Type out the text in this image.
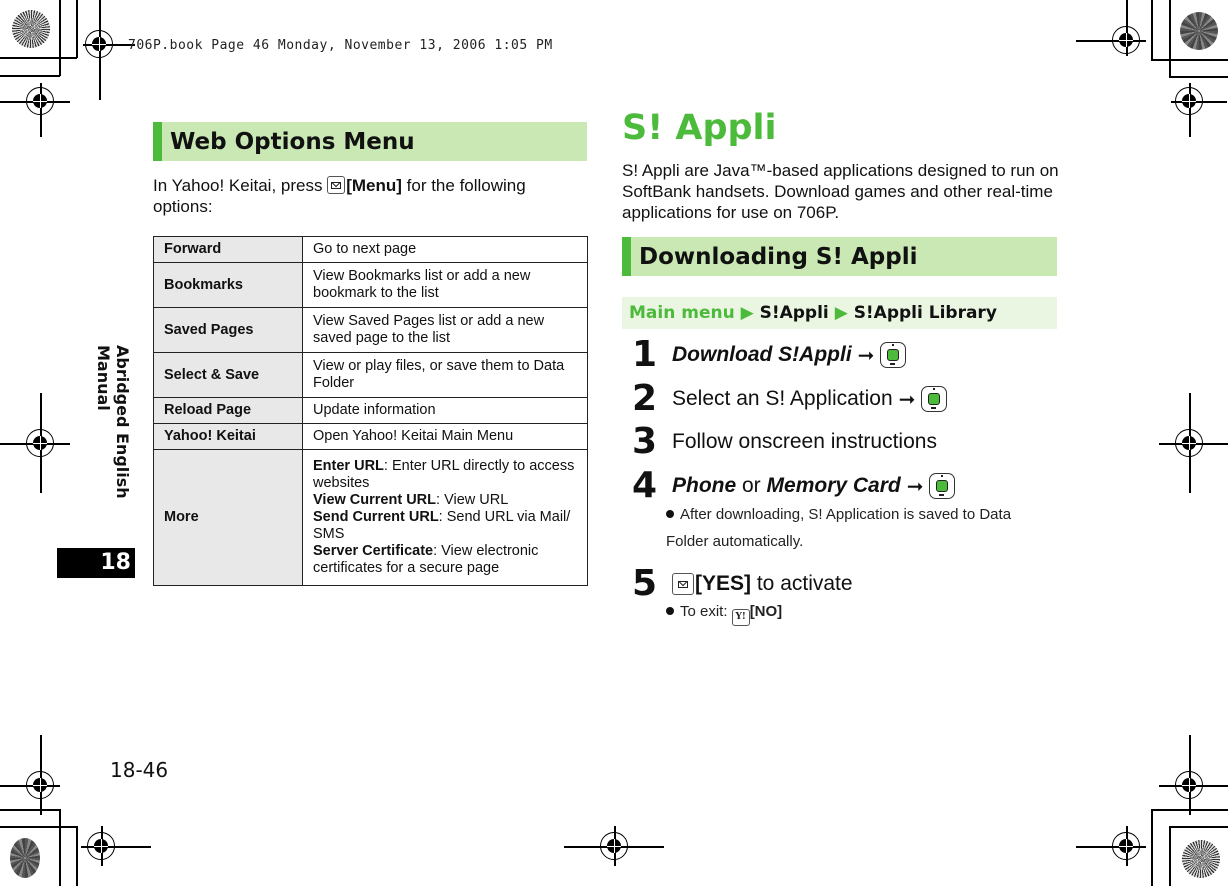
706P.book Page 46 Monday, November 13, 2006 1:05 PM
Abridged English Manual
18
18-46
Web Options Menu
In Yahoo! Keitai, press
[Menu] for the following
options:
Forward	Go to next page
Bookmarks	View Bookmarks list or add a new bookmark to the list
Saved Pages	View Saved Pages list or add a new saved page to the list
Select & Save	View or play files, or save them to Data Folder
Reload Page	Update information
Yahoo! Keitai	Open Yahoo! Keitai Main Menu
More	Enter URL: Enter URL directly to access websites
View Current URL: View URL
Send Current URL: Send URL via Mail/ SMS
Server Certificate: View electronic certificates for a secure page
S! Appli
S! Appli are Java™-based applications designed to run on SoftBank handsets. Download games and other real-time applications for use on 706P.
Downloading S! Appli
Main menu ▶ S!Appli ▶ S!Appli Library
1 Download S!Appli ➞
2 Select an S! Application ➞
3 Follow onscreen instructions
4 Phone or Memory Card ➞
After downloading, S! Application is saved to Data Folder automatically.
5	[YES] to activate
To exit: Y! [NO]
